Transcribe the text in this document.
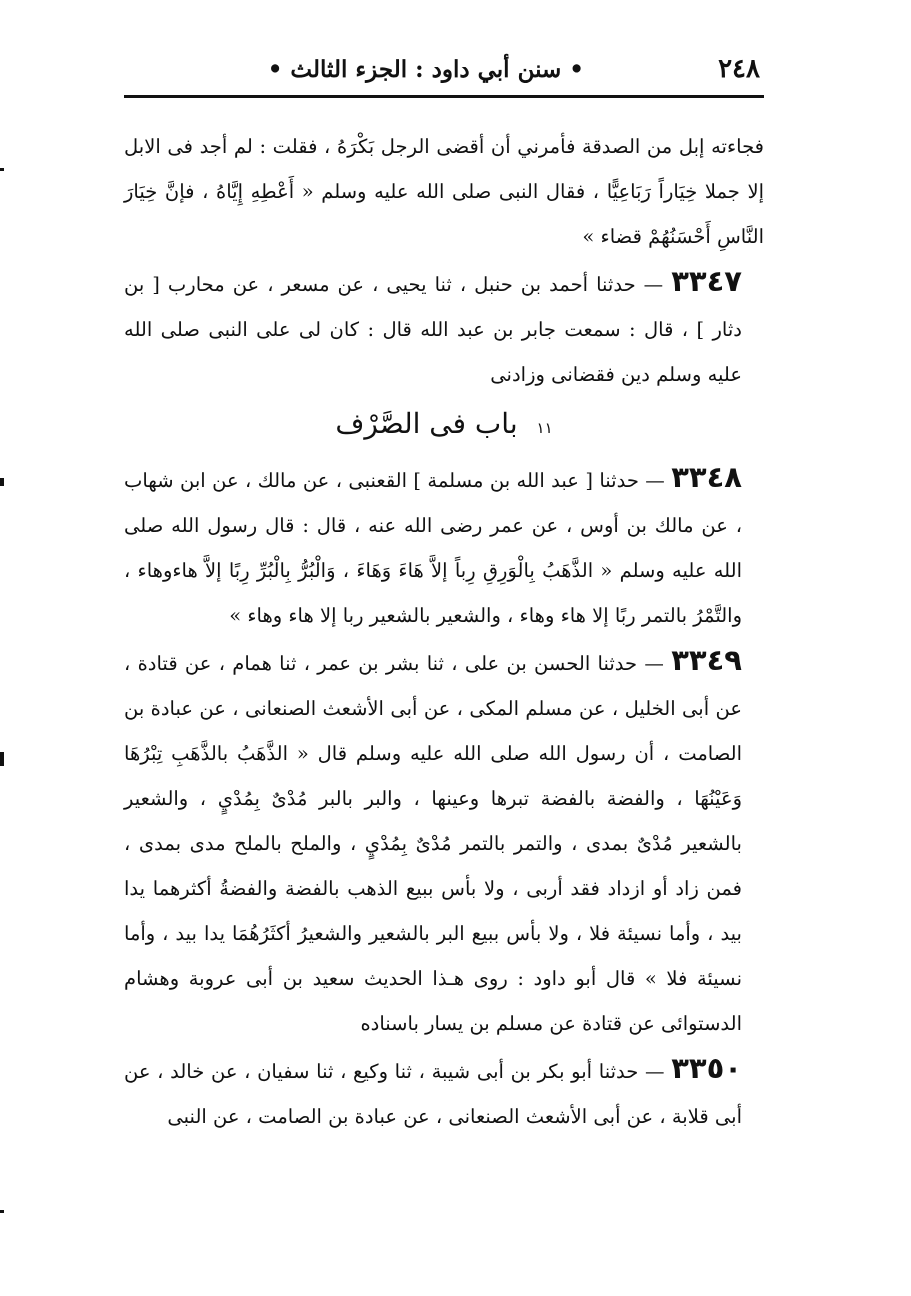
٢٤٨
• سنن أبي داود : الجزء الثالث •

فجاءته إبل من الصدقة فأمرني أن أقضى الرجل بَكْرَهُ ، فقلت : لم أجد فى الابل إلا جملا خِيَاراً رَبَاعِيًّا ، فقال النبى صلى الله عليه وسلم « أَعْطِهِ إِيَّاهُ ، فإنَّ خِيَارَ النَّاسِ أَحْسَنُهُمْ قضاء »

٣٣٤٧ — حدثنا أحمد بن حنبل ، ثنا يحيى ، عن مسعر ، عن محارب [ بن دثار ] ، قال : سمعت جابر بن عبد الله قال : كان لى على النبى صلى الله عليه وسلم دين فقضانى وزادنى

١١ باب فى الصَّرْف

٣٣٤٨ — حدثنا [ عبد الله بن مسلمة ] القعنبى ، عن مالك ، عن ابن شهاب ، عن مالك بن أوس ، عن عمر رضى الله عنه ، قال : قال رسول الله صلى الله عليه وسلم « الذَّهَبُ بِالْوَرِقِ رِباً إلاَّ هَاءَ وَهَاءَ ، وَالْبُرُّ بِالْبُرِّ رِبًا إلاَّ هاءوهاء ، والتَّمْرُ بالتمر ربًا إلا هاء وهاء ، والشعير بالشعير ربا إلا هاء وهاء »

٣٣٤٩ — حدثنا الحسن بن على ، ثنا بشر بن عمر ، ثنا همام ، عن قتادة ، عن أبى الخليل ، عن مسلم المكى ، عن أبى الأشعث الصنعانى ، عن عبادة بن الصامت ، أن رسول الله صلى الله عليه وسلم قال « الذَّهَبُ بالذَّهَبِ تِبْرُهَا وَعَيْنُهَا ، والفضة بالفضة تبرها وعينها ، والبر بالبر مُدْىٌ بِمُدْيٍ ، والشعير بالشعير مُدْىٌ بمدى ، والتمر بالتمر مُدْىٌ بِمُدْيٍ ، والملح بالملح مدى بمدى ، فمن زاد أو ازداد فقد أربى ، ولا بأس ببيع الذهب بالفضة والفضةُ أكثرهما يدا بيد ، وأما نسيئة فلا ، ولا بأس ببيع البر بالشعير والشعيرُ أكثَرُهُمَا يدا بيد ، وأما نسيئة فلا » قال أبو داود : روى هـذا الحديث سعيد بن أبى عروبة وهشام الدستوائى عن قتادة عن مسلم بن يسار باسناده

٣٣٥٠ — حدثنا أبو بكر بن أبى شيبة ، ثنا وكيع ، ثنا سفيان ، عن خالد ، عن أبى قلابة ، عن أبى الأشعث الصنعانى ، عن عبادة بن الصامت ، عن النبى
